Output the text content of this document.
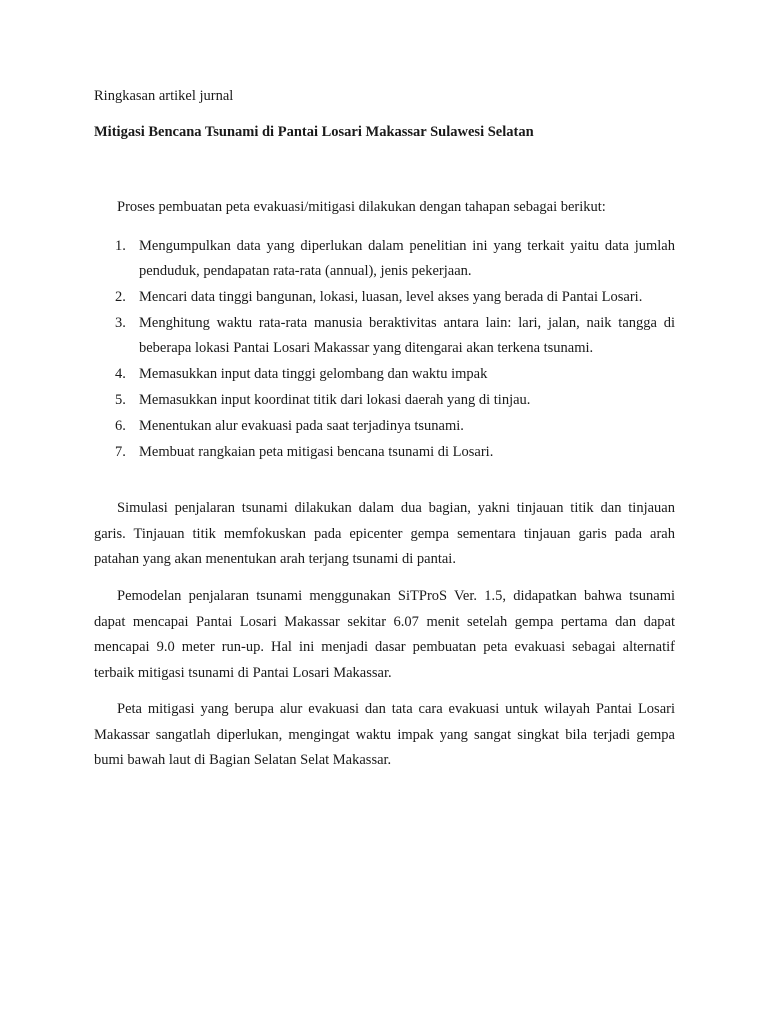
Ringkasan artikel jurnal
Mitigasi Bencana Tsunami di Pantai Losari Makassar Sulawesi Selatan
Proses pembuatan peta evakuasi/mitigasi dilakukan dengan tahapan sebagai berikut:
1. Mengumpulkan data yang diperlukan dalam penelitian ini yang terkait yaitu data jumlah penduduk, pendapatan rata-rata (annual), jenis pekerjaan.
2. Mencari data tinggi bangunan, lokasi, luasan, level akses yang berada di Pantai Losari.
3. Menghitung waktu rata-rata manusia beraktivitas antara lain: lari, jalan, naik tangga di beberapa lokasi Pantai Losari Makassar yang ditengarai akan terkena tsunami.
4. Memasukkan input data tinggi gelombang dan waktu impak
5. Memasukkan input koordinat titik dari lokasi daerah yang di tinjau.
6. Menentukan alur evakuasi pada saat terjadinya tsunami.
7. Membuat rangkaian peta mitigasi bencana tsunami di Losari.

Simulasi penjalaran tsunami dilakukan dalam dua bagian, yakni tinjauan titik dan tinjauan garis. Tinjauan titik memfokuskan pada epicenter gempa sementara tinjauan garis pada arah patahan yang akan menentukan arah terjang tsunami di pantai.

Pemodelan penjalaran tsunami menggunakan SiTProS Ver. 1.5, didapatkan bahwa tsunami dapat mencapai Pantai Losari Makassar sekitar 6.07 menit setelah gempa pertama dan dapat mencapai 9.0 meter run-up. Hal ini menjadi dasar pembuatan peta evakuasi sebagai alternatif terbaik mitigasi tsunami di Pantai Losari Makassar.

Peta mitigasi yang berupa alur evakuasi dan tata cara evakuasi untuk wilayah Pantai Losari Makassar sangatlah diperlukan, mengingat waktu impak yang sangat singkat bila terjadi gempa bumi bawah laut di Bagian Selatan Selat Makassar.
